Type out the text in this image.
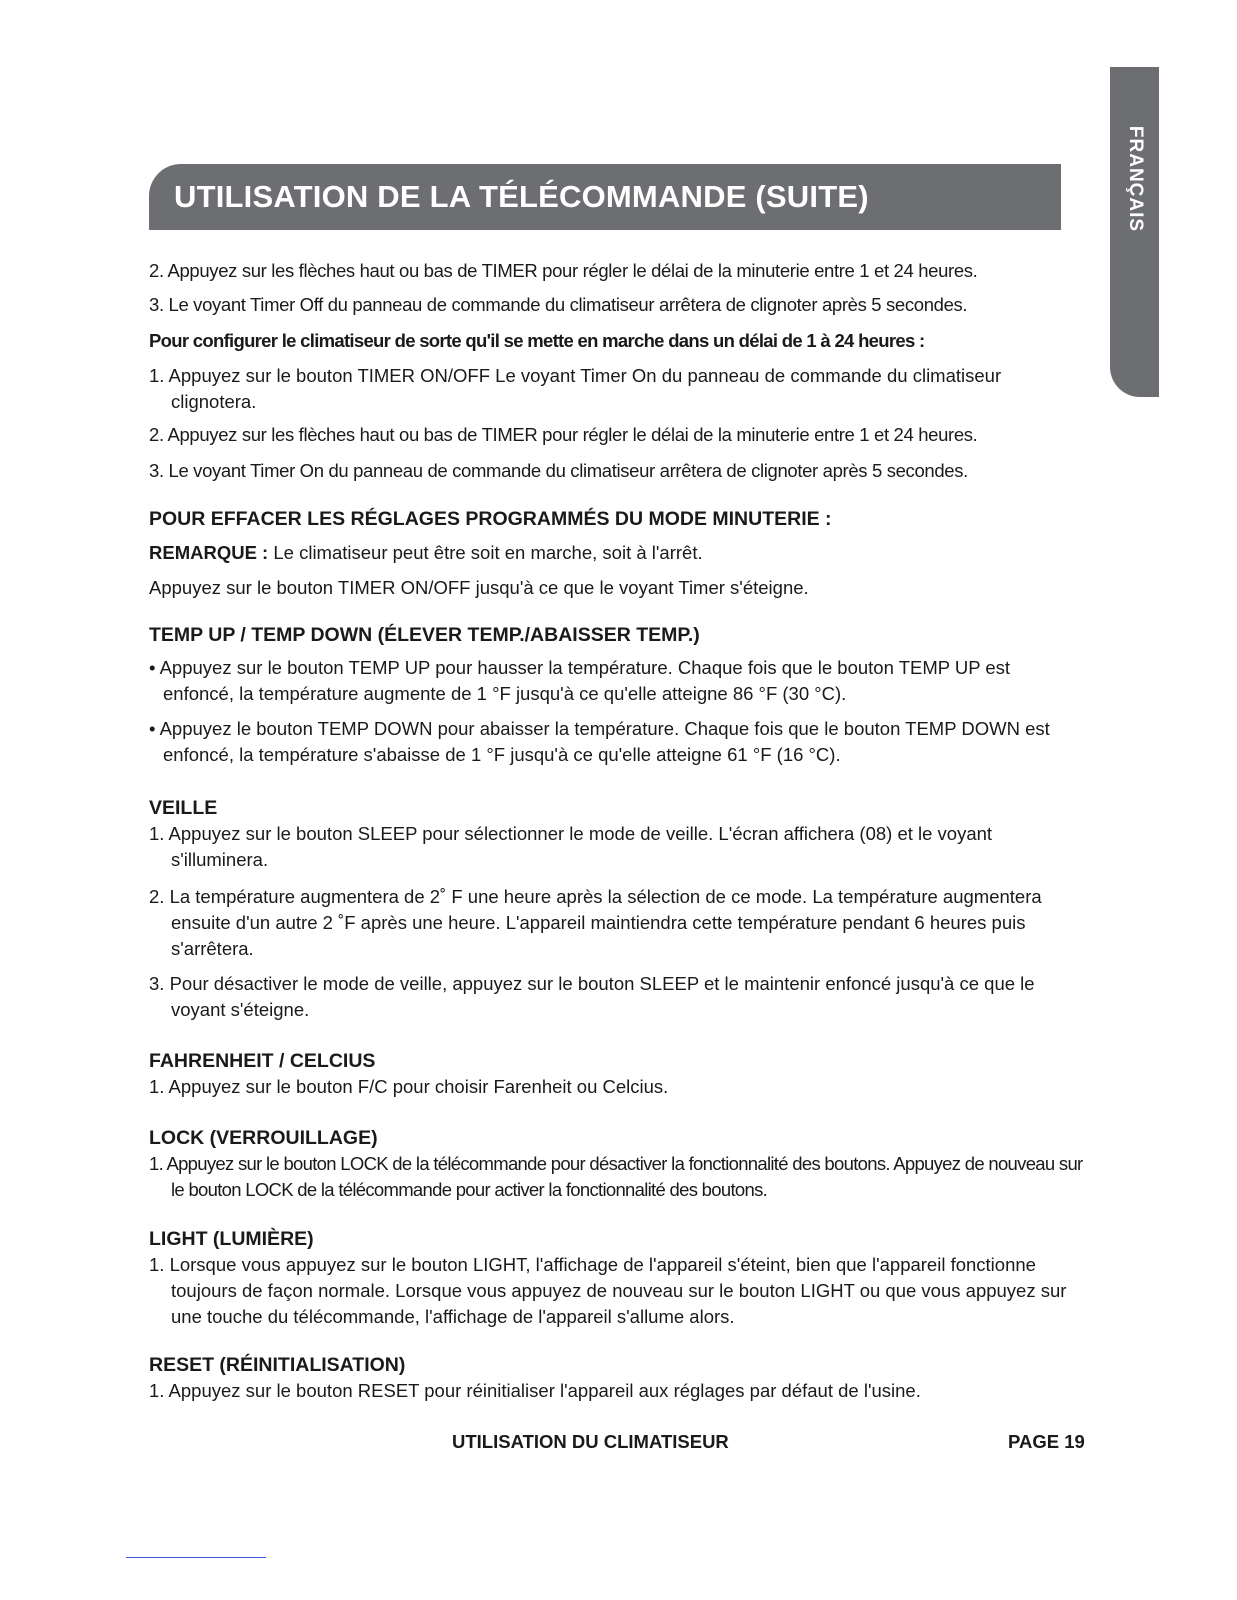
FRANÇAIS
UTILISATION DE LA TÉLÉCOMMANDE (SUITE)

2. Appuyez sur les flèches haut ou bas de TIMER pour régler le délai de la minuterie entre 1 et 24 heures.

3. Le voyant Timer Off du panneau de commande du climatiseur arrêtera de clignoter après 5 secondes.

Pour configurer le climatiseur de sorte qu'il se mette en marche dans un délai de 1 à 24 heures :

1. Appuyez sur le bouton TIMER ON/OFF Le voyant Timer On du panneau de commande du climatiseur clignotera.

2. Appuyez sur les flèches haut ou bas de TIMER pour régler le délai de la minuterie entre 1 et 24 heures.

3. Le voyant Timer On du panneau de commande du climatiseur arrêtera de clignoter après 5 secondes.

POUR EFFACER LES RÉGLAGES PROGRAMMÉS DU MODE MINUTERIE :

REMARQUE : Le climatiseur peut être soit en marche, soit à l'arrêt.

Appuyez sur le bouton TIMER ON/OFF jusqu'à ce que le voyant Timer s'éteigne.

TEMP UP / TEMP DOWN (ÉLEVER TEMP./ABAISSER TEMP.)

• Appuyez sur le bouton TEMP UP pour hausser la température. Chaque fois que le bouton TEMP UP est enfoncé, la température augmente de 1 °F jusqu'à ce qu'elle atteigne 86 °F (30 °C).

• Appuyez le bouton TEMP DOWN pour abaisser la température. Chaque fois que le bouton TEMP DOWN est enfoncé, la température s'abaisse de 1 °F jusqu'à ce qu'elle atteigne 61 °F (16 °C).

VEILLE

1. Appuyez sur le bouton SLEEP pour sélectionner le mode de veille. L'écran affichera (08) et le voyant s'illuminera.

2. La température augmentera de 2˚ F une heure après la sélection de ce mode. La température augmentera ensuite d'un autre 2 ˚F après une heure. L'appareil maintiendra cette température pendant 6 heures puis s'arrêtera.

3. Pour désactiver le mode de veille, appuyez sur le bouton SLEEP et le maintenir enfoncé jusqu'à ce que le voyant s'éteigne.

FAHRENHEIT / CELCIUS

1. Appuyez sur le bouton F/C pour choisir Farenheit ou Celcius.

LOCK (VERROUILLAGE)

1. Appuyez sur le bouton LOCK de la télécommande pour désactiver la fonctionnalité des boutons. Appuyez de nouveau sur le bouton LOCK de la télécommande pour activer la fonctionnalité des boutons.

LIGHT (LUMIÈRE)

1. Lorsque vous appuyez sur le bouton LIGHT, l'affichage de l'appareil s'éteint, bien que l'appareil fonctionne toujours de façon normale. Lorsque vous appuyez de nouveau sur le bouton LIGHT ou que vous appuyez sur une touche du télécommande, l'affichage de l'appareil s'allume alors.

RESET (RÉINITIALISATION)

1. Appuyez sur le bouton RESET pour réinitialiser l'appareil aux réglages par défaut de l'usine.

UTILISATION DU CLIMATISEUR	PAGE 19
